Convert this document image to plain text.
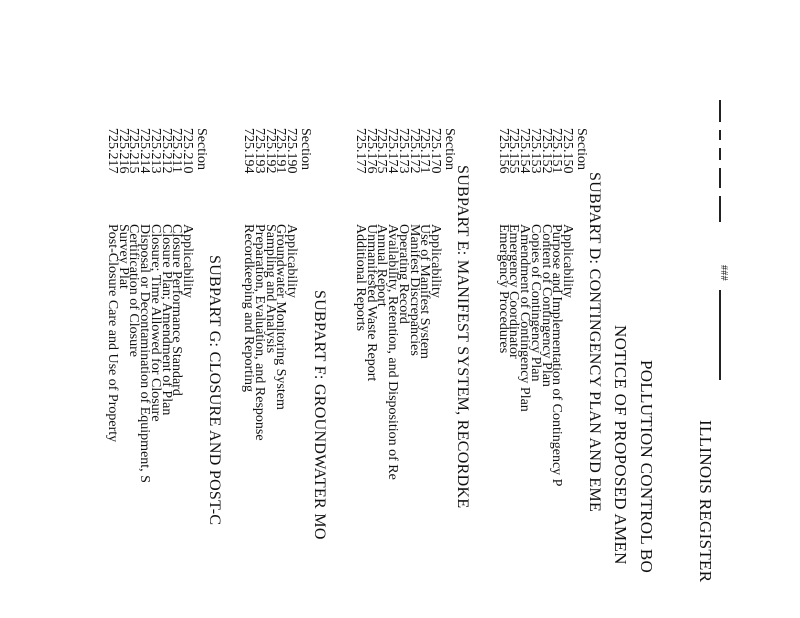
###
ILLINOIS REGISTER
POLLUTION CONTROL BO
NOTICE OF PROPOSED AMEN
SUBPART D: CONTINGENCY PLAN AND EME
Section
725.150
Applicability
725.151
Purpose and Implementation of Contingency P
725.152
Content of Contingency Plan
725.153
Copies of Contingency Plan
725.154
Amendment of Contingency Plan
725.155
Emergency Coordinator
725.156
Emergency Procedures
SUBPART E: MANIFEST SYSTEM, RECORDKE
Section
725.170
Applicability
725.171
Use of Manifest System
725.172
Manifest Discrepancies
725.173
Operating Record
725.174
Availability, Retention, and Disposition of Re
725.175
Annual Report
725.176
Unmanifested Waste Report
725.177
Additional Reports
SUBPART F: GROUNDWATER MO
Section
725.190
Applicability
725.191
Groundwater Monitoring System
725.192
Sampling and Analysis
725.193
Preparation, Evaluation, and Response
725.194
Recordkeeping and Reporting
SUBPART G: CLOSURE AND POST-C
Section
725.210
Applicability
725.211
Closure Performance Standard
725.212
Closure Plan; Amendment of Plan
725.213
Closure; Time Allowed for Closure
725.214
Disposal or Decontamination of Equipment, S
725.215
Certification of Closure
725.216
Survey Plat
725.217
Post-Closure Care and Use of Property
